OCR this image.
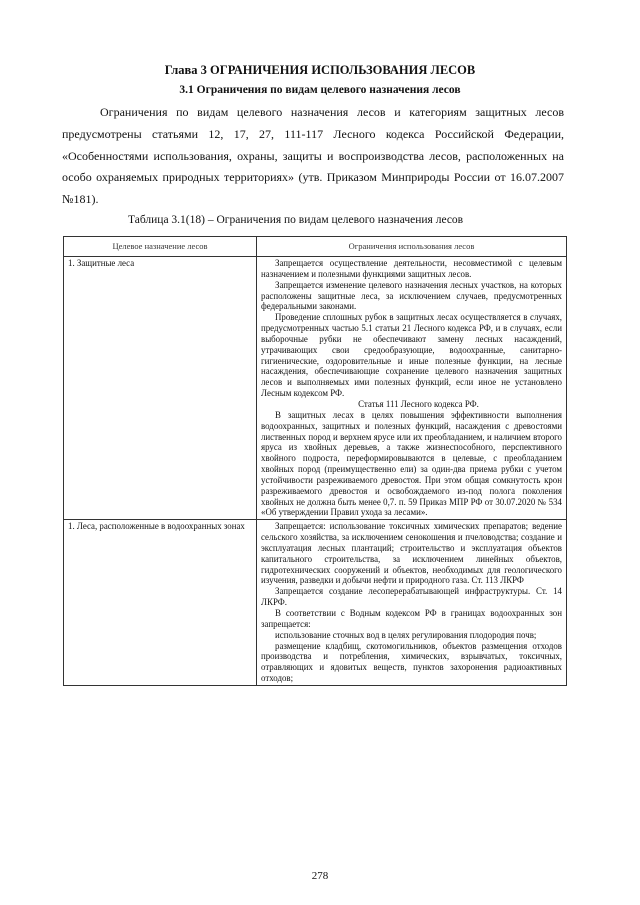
Глава 3 ОГРАНИЧЕНИЯ ИСПОЛЬЗОВАНИЯ ЛЕСОВ
3.1 Ограничения по видам целевого назначения лесов
Ограничения по видам целевого назначения лесов и категориям защитных лесов предусмотрены статьями 12, 17, 27, 111-117 Лесного кодекса Российской Федерации, «Особенностями использования, охраны, защиты и воспроизводства лесов, расположенных на особо охраняемых природных территориях» (утв. Приказом Минприроды России от 16.07.2007 №181).
Таблица 3.1(18) – Ограничения по видам целевого назначения лесов
Целевое назначение лесов	Ограничения использования лесов
1. Защитные леса	Запрещается осуществление деятельности, несовместимой с целевым назначением и полезными функциями защитных лесов.

Запрещается изменение целевого назначения лесных участков, на которых расположены защитные леса, за исключением случаев, предусмотренных федеральными законами.

Проведение сплошных рубок в защитных лесах осуществляется в случаях, предусмотренных частью 5.1 статьи 21 Лесного кодекса РФ, и в случаях, если выборочные рубки не обеспечивают замену лесных насаждений, утрачивающих свои средообразующие, водоохранные, санитарно-гигиенические, оздоровительные и иные полезные функции, на лесные насаждения, обеспечивающие сохранение целевого назначения защитных лесов и выполняемых ими полезных функций, если иное не установлено Лесным кодексом РФ.

Статья 111 Лесного кодекса РФ.

В защитных лесах в целях повышения эффективности выполнения водоохранных, защитных и полезных функций, насаждения с древостоями лиственных пород и верхнем ярусе или их преобладанием, и наличием второго яруса из хвойных деревьев, а также жизнеспособного, перспективного хвойного подроста, переформировываются в целевые, с преобладанием хвойных пород (преимущественно ели) за один-два приема рубки с учетом устойчивости разреживаемого древостоя. При этом общая сомкнутость крон разреживаемого древостоя и освобождаемого из-под полога поколения хвойных не должна быть менее 0,7. п. 59 Приказ МПР РФ от 30.07.2020 № 534 «Об утверждении Правил ухода за лесами».

1. Леса, расположенные в водоохранных зонах	Запрещается: использование токсичных химических препаратов; ведение сельского хозяйства, за исключением сенокошения и пчеловодства; создание и эксплуатация лесных плантаций; строительство и эксплуатация объектов капитального строительства, за исключением линейных объектов, гидротехнических сооружений и объектов, необходимых для геологического изучения, разведки и добычи нефти и природного газа. Ст. 113 ЛКРФ

Запрещается создание лесоперерабатывающей инфраструктуры. Ст. 14 ЛКРФ.

В соответствии с Водным кодексом РФ в границах водоохранных зон запрещается:

использование сточных вод в целях регулирования плодородия почв;

размещение кладбищ, скотомогильников, объектов размещения отходов производства и потребления, химических, взрывчатых, токсичных, отравляющих и ядовитых веществ, пунктов захоронения радиоактивных отходов;

278
